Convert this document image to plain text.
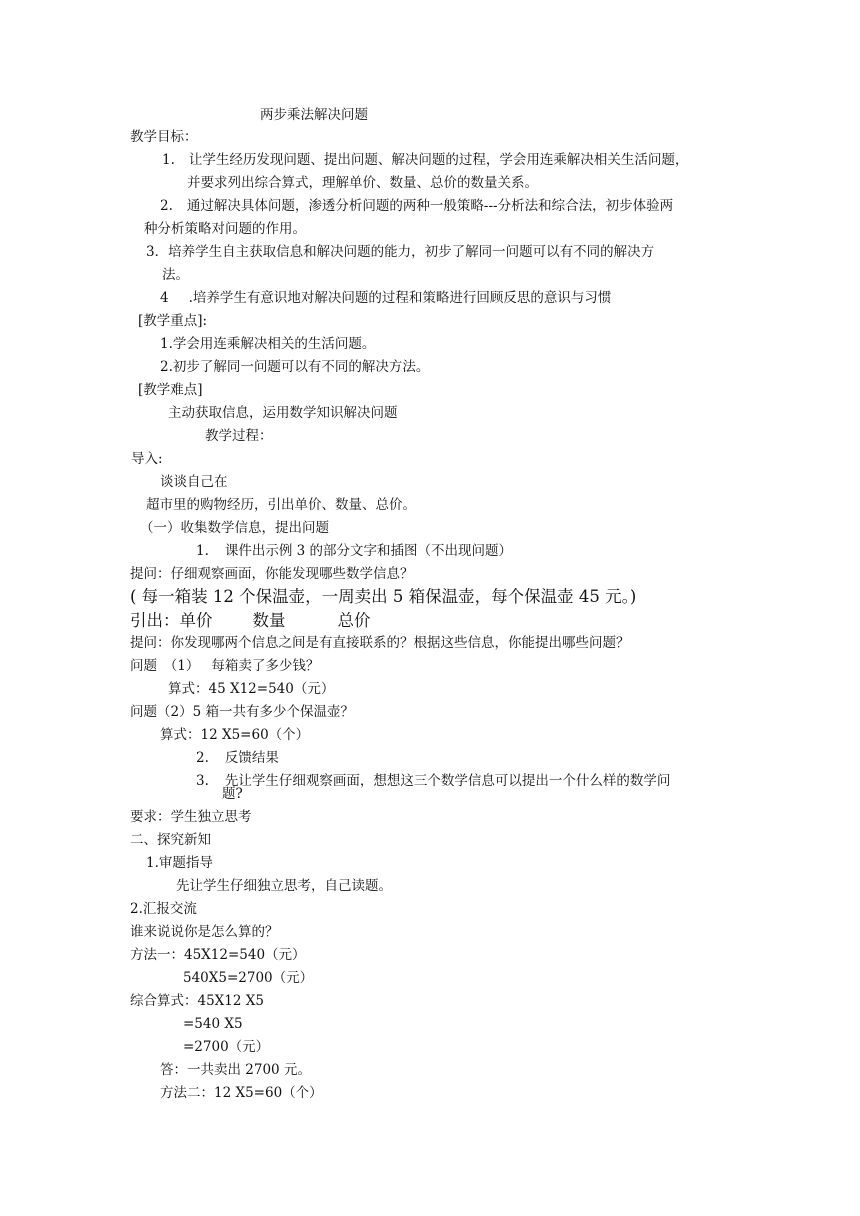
两步乘法解决问题
教学目标：
1. 让学生经历发现问题、提出问题、解决问题的过程，学会用连乘解决相关生活问题，
并要求列出综合算式，理解单价、数量、总价的数量关系。
2. 通过解决具体问题，渗透分析问题的两种一般策略---分析法和综合法，初步体验两
种分析策略对问题的作用。
3．培养学生自主获取信息和解决问题的能力，初步了解同一问题可以有不同的解决方
法。
4 .培养学生有意识地对解决问题的过程和策略进行回顾反思的意识与习惯
[教学重点]:
1.学会用连乘解决相关的生活问题。
2.初步了解同一问题可以有不同的解决方法。
[教学难点]
主动获取信息，运用数学知识解决问题
教学过程：
导入:
谈谈自己在
超市里的购物经历，引出单价、数量、总价。
（一）收集数学信息，提出问题
1. 课件出示例 3 的部分文字和插图（不出现问题）
提问：仔细观察画面，你能发现哪些数学信息？
( 每一箱装 12 个保温壶，一周卖出 5 箱保温壶，每个保温壶 45 元。)
引出：单价 数量	总价
提问：你发现哪两个信息之间是有直接联系的？根据这些信息，你能提出哪些问题？
问题　（1） 每箱卖了多少钱？
算式：45 X12=540（元）
问题（2）5 箱一共有多少个保温壶？
算式：12 X5=60（个）
2. 反馈结果
3. 先让学生仔细观察画面，想想这三个数学信息可以提出一个什么样的数学问
题?
要求：学生独立思考
二、探究新知
1.审题指导
先让学生仔细独立思考，自己读题。
2.汇报交流
谁来说说你是怎么算的？
方法一：45X12=540（元）
540X5=2700（元）
综合算式：45X12 X5
=540 X5
=2700（元）
答：一共卖出 2700 元。
方法二：12 X5=60（个）
